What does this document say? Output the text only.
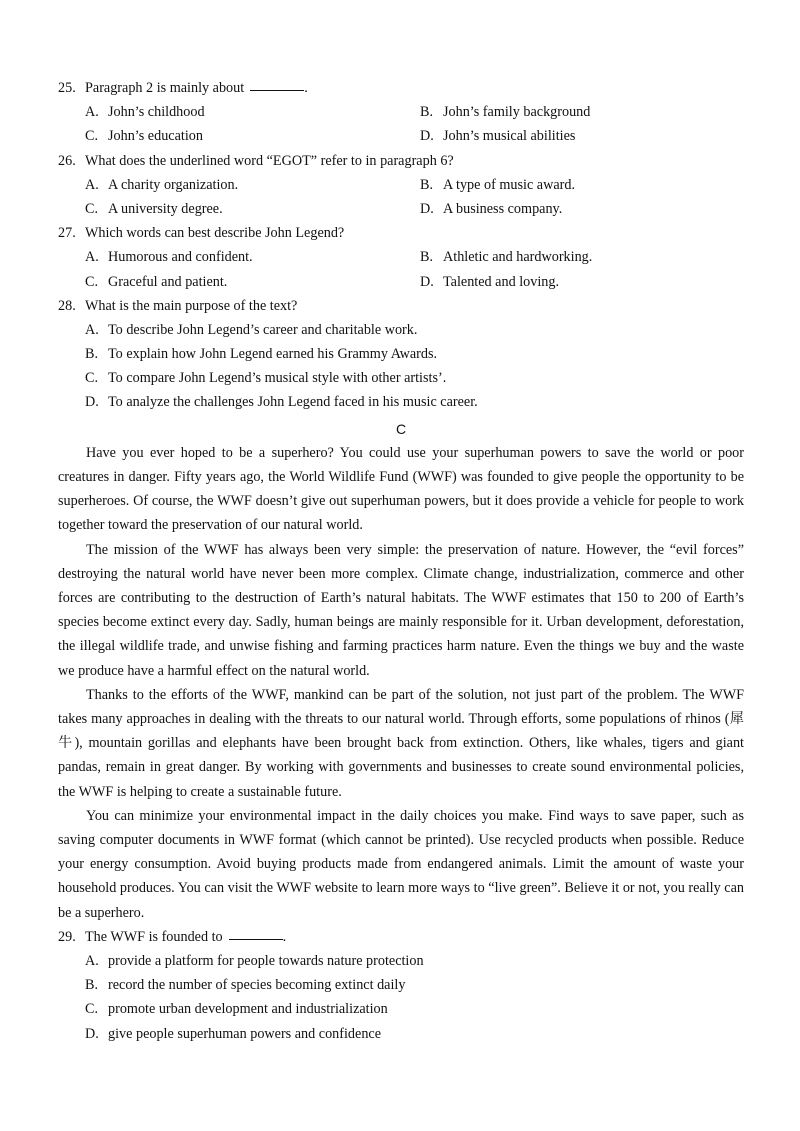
25. Paragraph 2 is mainly about	.
A. John’s childhood	B. John’s family background
C. John’s education	D. John’s musical abilities
26. What does the underlined word “EGOT” refer to in paragraph 6?
A. A charity organization.	B. A type of music award.
C. A university degree.	D. A business company.
27. Which words can best describe John Legend?
A. Humorous and confident.	B. Athletic and hardworking.
C. Graceful and patient.	D. Talented and loving.
28. What is the main purpose of the text?
A. To describe John Legend’s career and charitable work.
B. To explain how John Legend earned his Grammy Awards.
C. To compare John Legend’s musical style with other artists’.
D. To analyze the challenges John Legend faced in his music career.
C

Have you ever hoped to be a superhero? You could use your superhuman powers to save the world or poor creatures in danger. Fifty years ago, the World Wildlife Fund (WWF) was founded to give people the opportunity to be superheroes. Of course, the WWF doesn’t give out superhuman powers, but it does provide a vehicle for people to work together toward the preservation of our natural world.

The mission of the WWF has always been very simple: the preservation of nature. However, the “evil forces” destroying the natural world have never been more complex. Climate change, industrialization, commerce and other forces are contributing to the destruction of Earth’s natural habitats. The WWF estimates that 150 to 200 of Earth’s species become extinct every day. Sadly, human beings are mainly responsible for it. Urban development, deforestation, the illegal wildlife trade, and unwise fishing and farming practices harm nature. Even the things we buy and the waste we produce have a harmful effect on the natural world.

Thanks to the efforts of the WWF, mankind can be part of the solution, not just part of the problem. The WWF takes many approaches in dealing with the threats to our natural world. Through efforts, some populations of rhinos (犀牛), mountain gorillas and elephants have been brought back from extinction. Others, like whales, tigers and giant pandas, remain in great danger. By working with governments and businesses to create sound environmental policies, the WWF is helping to create a sustainable future.

You can minimize your environmental impact in the daily choices you make. Find ways to save paper, such as saving computer documents in WWF format (which cannot be printed). Use recycled products when possible. Reduce your energy consumption. Avoid buying products made from endangered animals. Limit the amount of waste your household produces. You can visit the WWF website to learn more ways to “live green”. Believe it or not, you really can be a superhero.

29. The WWF is founded to	.
A. provide a platform for people towards nature protection
B. record the number of species becoming extinct daily
C. promote urban development and industrialization
D. give people superhuman powers and confidence
